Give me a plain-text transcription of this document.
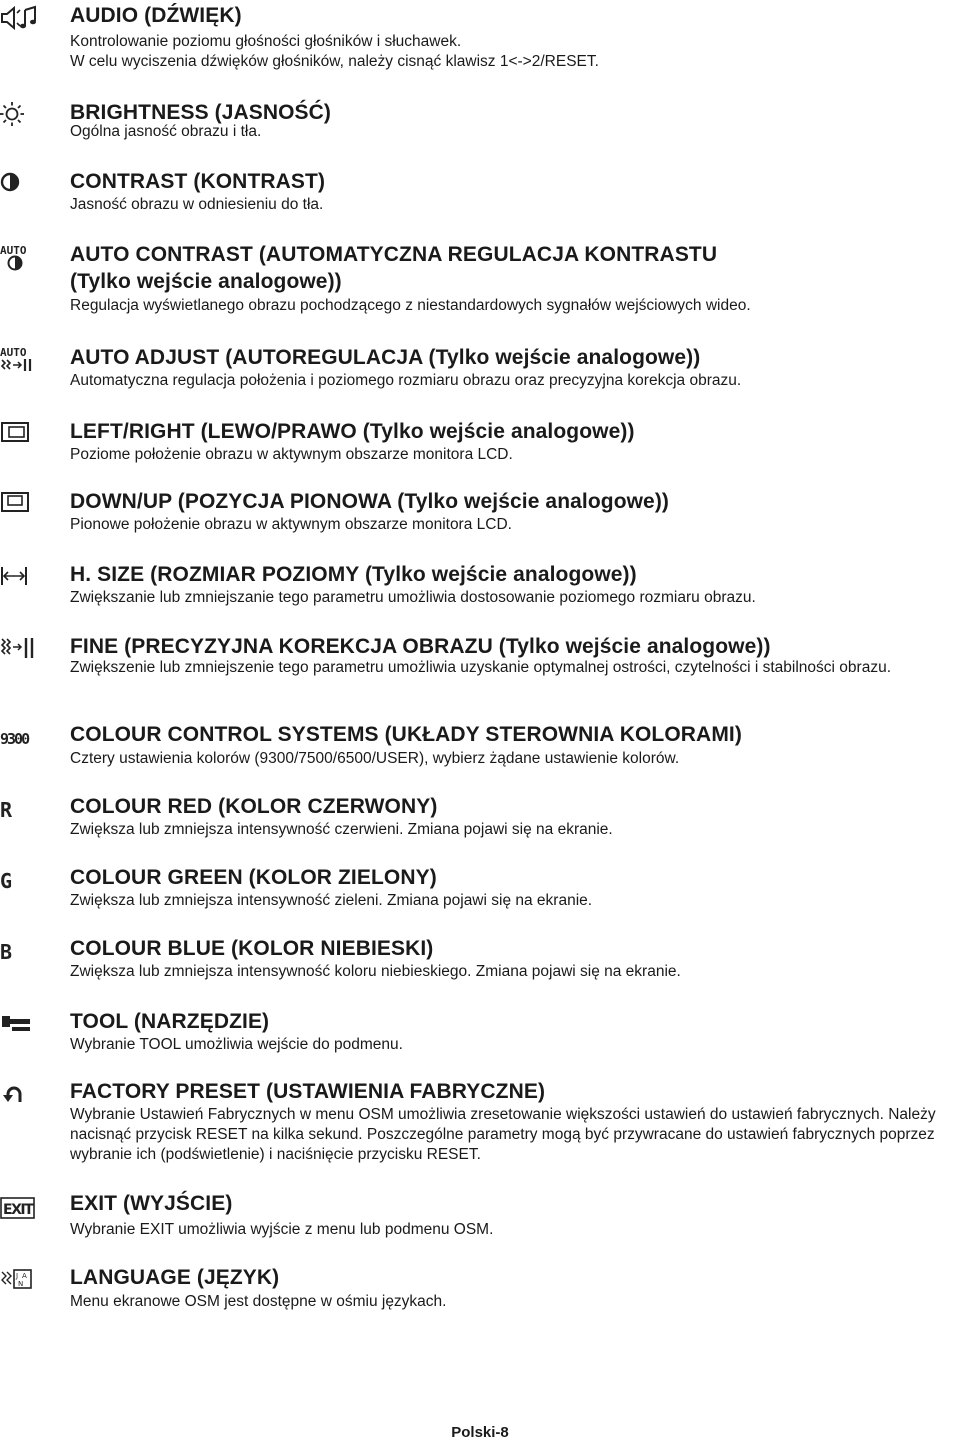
AUDIO (DŹWIĘK)
Kontrolowanie poziomu głośności głośników i słuchawek.
W celu wyciszenia dźwięków głośników, należy cisnąć klawisz 1<->2/RESET.
BRIGHTNESS (JASNOŚĆ)
Ogólna jasność obrazu i tła.
CONTRAST (KONTRAST)
Jasność obrazu w odniesieniu do tła.
AUTO AUTO CONTRAST (AUTOMATYCZNA REGULACJA KONTRASTU
(Tylko wejście analogowe))
Regulacja wyświetlanego obrazu pochodzącego z niestandardowych sygnałów wejściowych wideo.
AUTO AUTO ADJUST (AUTOREGULACJA (Tylko wejście analogowe))
Automatyczna regulacja położenia i poziomego rozmiaru obrazu oraz precyzyjna korekcja obrazu.
LEFT/RIGHT (LEWO/PRAWO (Tylko wejście analogowe))
Poziome położenie obrazu w aktywnym obszarze monitora LCD.
DOWN/UP (POZYCJA PIONOWA (Tylko wejście analogowe))
Pionowe położenie obrazu w aktywnym obszarze monitora LCD.
H. SIZE (ROZMIAR POZIOMY (Tylko wejście analogowe))
Zwiększanie lub zmniejszanie tego parametru umożliwia dostosowanie poziomego rozmiaru obrazu.
FINE (PRECYZYJNA KOREKCJA OBRAZU (Tylko wejście analogowe))
Zwiększenie lub zmniejszenie tego parametru umożliwia uzyskanie optymalnej ostrości, czytelności i stabilności obrazu.
9300 COLOUR CONTROL SYSTEMS (UKŁADY STEROWNIA KOLORAMI)
Cztery ustawienia kolorów (9300/7500/6500/USER), wybierz żądane ustawienie kolorów.
R	COLOUR RED (KOLOR CZERWONY)
Zwiększa lub zmniejsza intensywność czerwieni. Zmiana pojawi się na ekranie.
G	COLOUR GREEN (KOLOR ZIELONY)
Zwiększa lub zmniejsza intensywność zieleni. Zmiana pojawi się na ekranie.
B	COLOUR BLUE (KOLOR NIEBIESKI)
Zwiększa lub zmniejsza intensywność koloru niebieskiego. Zmiana pojawi się na ekranie.
TOOL (NARZĘDZIE)
Wybranie TOOL umożliwia wejście do podmenu.
FACTORY PRESET (USTAWIENIA FABRYCZNE)
Wybranie Ustawień Fabrycznych w menu OSM umożliwia zresetowanie większości ustawień do ustawień fabrycznych. Należy nacisnąć przycisk RESET na kilka sekund. Poszczególne parametry mogą być przywracane do ustawień fabrycznych poprzez wybranie ich (podświetlenie) i naciśnięcie przycisku RESET.
EXIT EXIT (WYJŚCIE)
Wybranie EXIT umożliwia wyjście z menu lub podmenu OSM.
J A
N LANGUAGE (JĘZYK)
Menu ekranowe OSM jest dostępne w ośmiu językach.
Polski-8
